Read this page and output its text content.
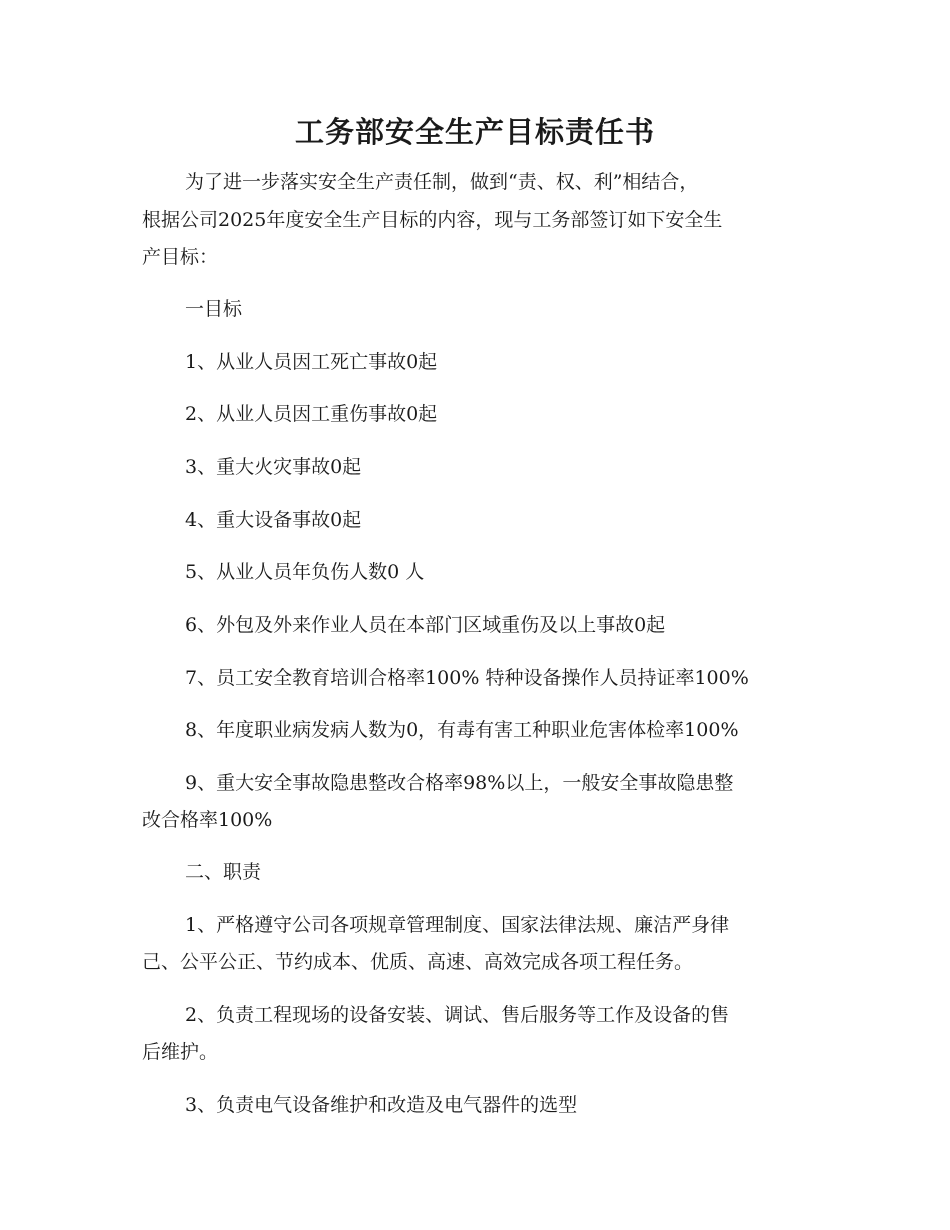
工务部安全生产目标责任书
为了进一步落实安全生产责任制，做到“责、权、利”相结合，
根据公司2025年度安全生产目标的内容，现与工务部签订如下安全生
产目标：
一目标
1、从业人员因工死亡事故0起
2、从业人员因工重伤事故0起
3、重大火灾事故0起
4、重大设备事故0起
5、从业人员年负伤人数0 人
6、外包及外来作业人员在本部门区域重伤及以上事故0起
7、员工安全教育培训合格率100% 特种设备操作人员持证率100%
8、年度职业病发病人数为0，有毒有害工种职业危害体检率100%
9、重大安全事故隐患整改合格率98%以上，一般安全事故隐患整
改合格率100%
二、职责
1、严格遵守公司各项规章管理制度、国家法律法规、廉洁严身律
己、公平公正、节约成本、优质、高速、高效完成各项工程任务。
2、负责工程现场的设备安装、调试、售后服务等工作及设备的售
后维护。
3、负责电气设备维护和改造及电气器件的选型
